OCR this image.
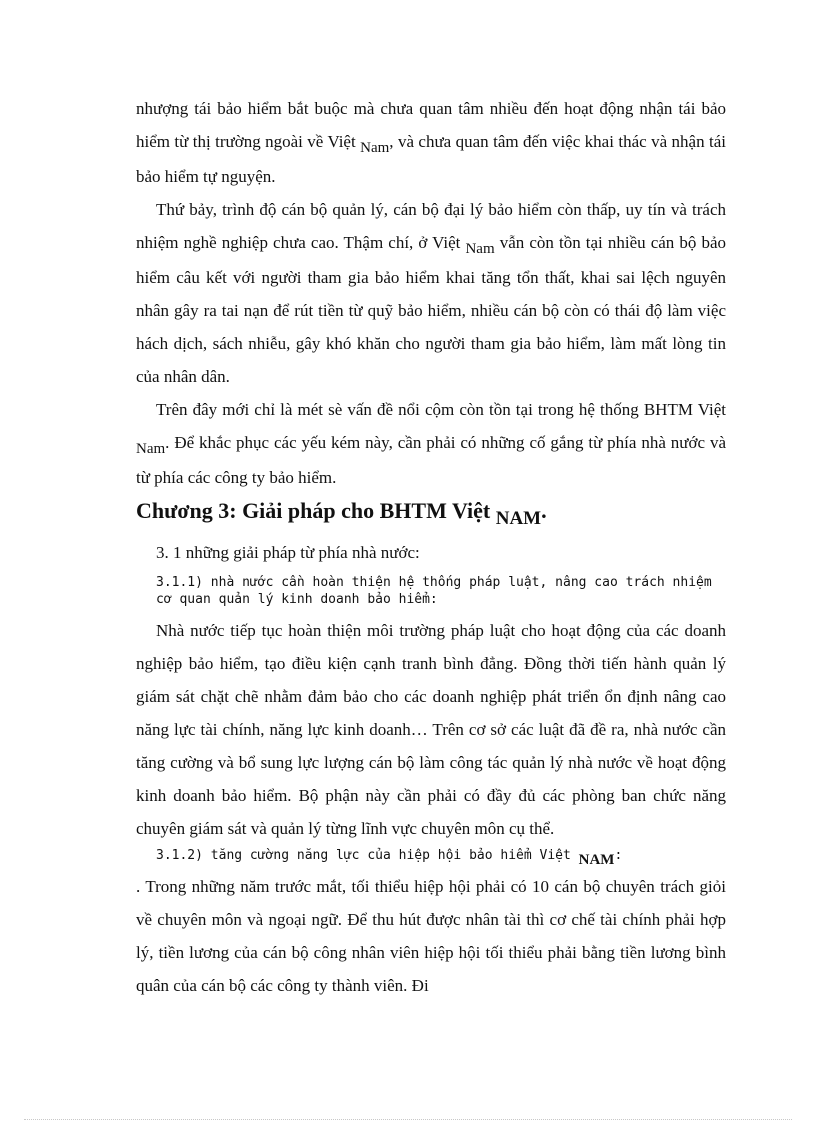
nhượng tái bảo hiểm bắt buộc mà chưa quan tâm nhiều đến hoạt động nhận tái bảo hiểm từ thị trường ngoài về Việt Nam, và chưa quan tâm đến việc khai thác và nhận tái bảo hiểm tự nguyện.

Thứ bảy, trình độ cán bộ quản lý, cán bộ đại lý bảo hiểm còn thấp, uy tín và trách nhiệm nghề nghiệp chưa cao. Thậm chí, ở Việt Nam vẫn còn tồn tại nhiều cán bộ bảo hiểm câu kết với người tham gia bảo hiểm khai tăng tổn thất, khai sai lệch nguyên nhân gây ra tai nạn để rút tiền từ quỹ bảo hiểm, nhiều cán bộ còn có thái độ làm việc hách dịch, sách nhiễu, gây khó khăn cho người tham gia bảo hiểm, làm mất lòng tin của nhân dân.

Trên đây mới chỉ là mét sè vấn đề nổi cộm còn tồn tại trong hệ thống BHTM Việt Nam. Để khắc phục các yếu kém này, cần phải có những cố gắng từ phía nhà nước và từ phía các công ty bảo hiểm.

Chương 3: Giải pháp cho BHTM Việt NAM.
3. 1 những giải pháp từ phía nhà nước:
3.1.1) nhà nước cần hoàn thiện hệ thống pháp luật, nâng cao trách nhiệm cơ quan quản lý kinh doanh bảo hiểm:

Nhà nước tiếp tục hoàn thiện môi trường pháp luật cho hoạt động của các doanh nghiệp bảo hiểm, tạo điều kiện cạnh tranh bình đẳng. Đồng thời tiến hành quản lý giám sát chặt chẽ nhằm đảm bảo cho các doanh nghiệp phát triển ổn định nâng cao năng lực tài chính, năng lực kinh doanh… Trên cơ sở các luật đã đề ra, nhà nước cần tăng cường và bổ sung lực lượng cán bộ làm công tác quản lý nhà nước về hoạt động kinh doanh bảo hiểm. Bộ phận này cần phải có đầy đủ các phòng ban chức năng chuyên giám sát và quản lý từng lĩnh vực chuyên môn cụ thể.

3.1.2) tăng cường năng lực của hiệp hội bảo hiểm Việt NAM:

. Trong những năm trước mắt, tối thiểu hiệp hội phải có 10 cán bộ chuyên trách giỏi về chuyên môn và ngoại ngữ. Để thu hút được nhân tài thì cơ chế tài chính phải hợp lý, tiền lương của cán bộ công nhân viên hiệp hội tối thiểu phải bằng tiền lương bình quân của cán bộ các công ty thành viên. Đi
